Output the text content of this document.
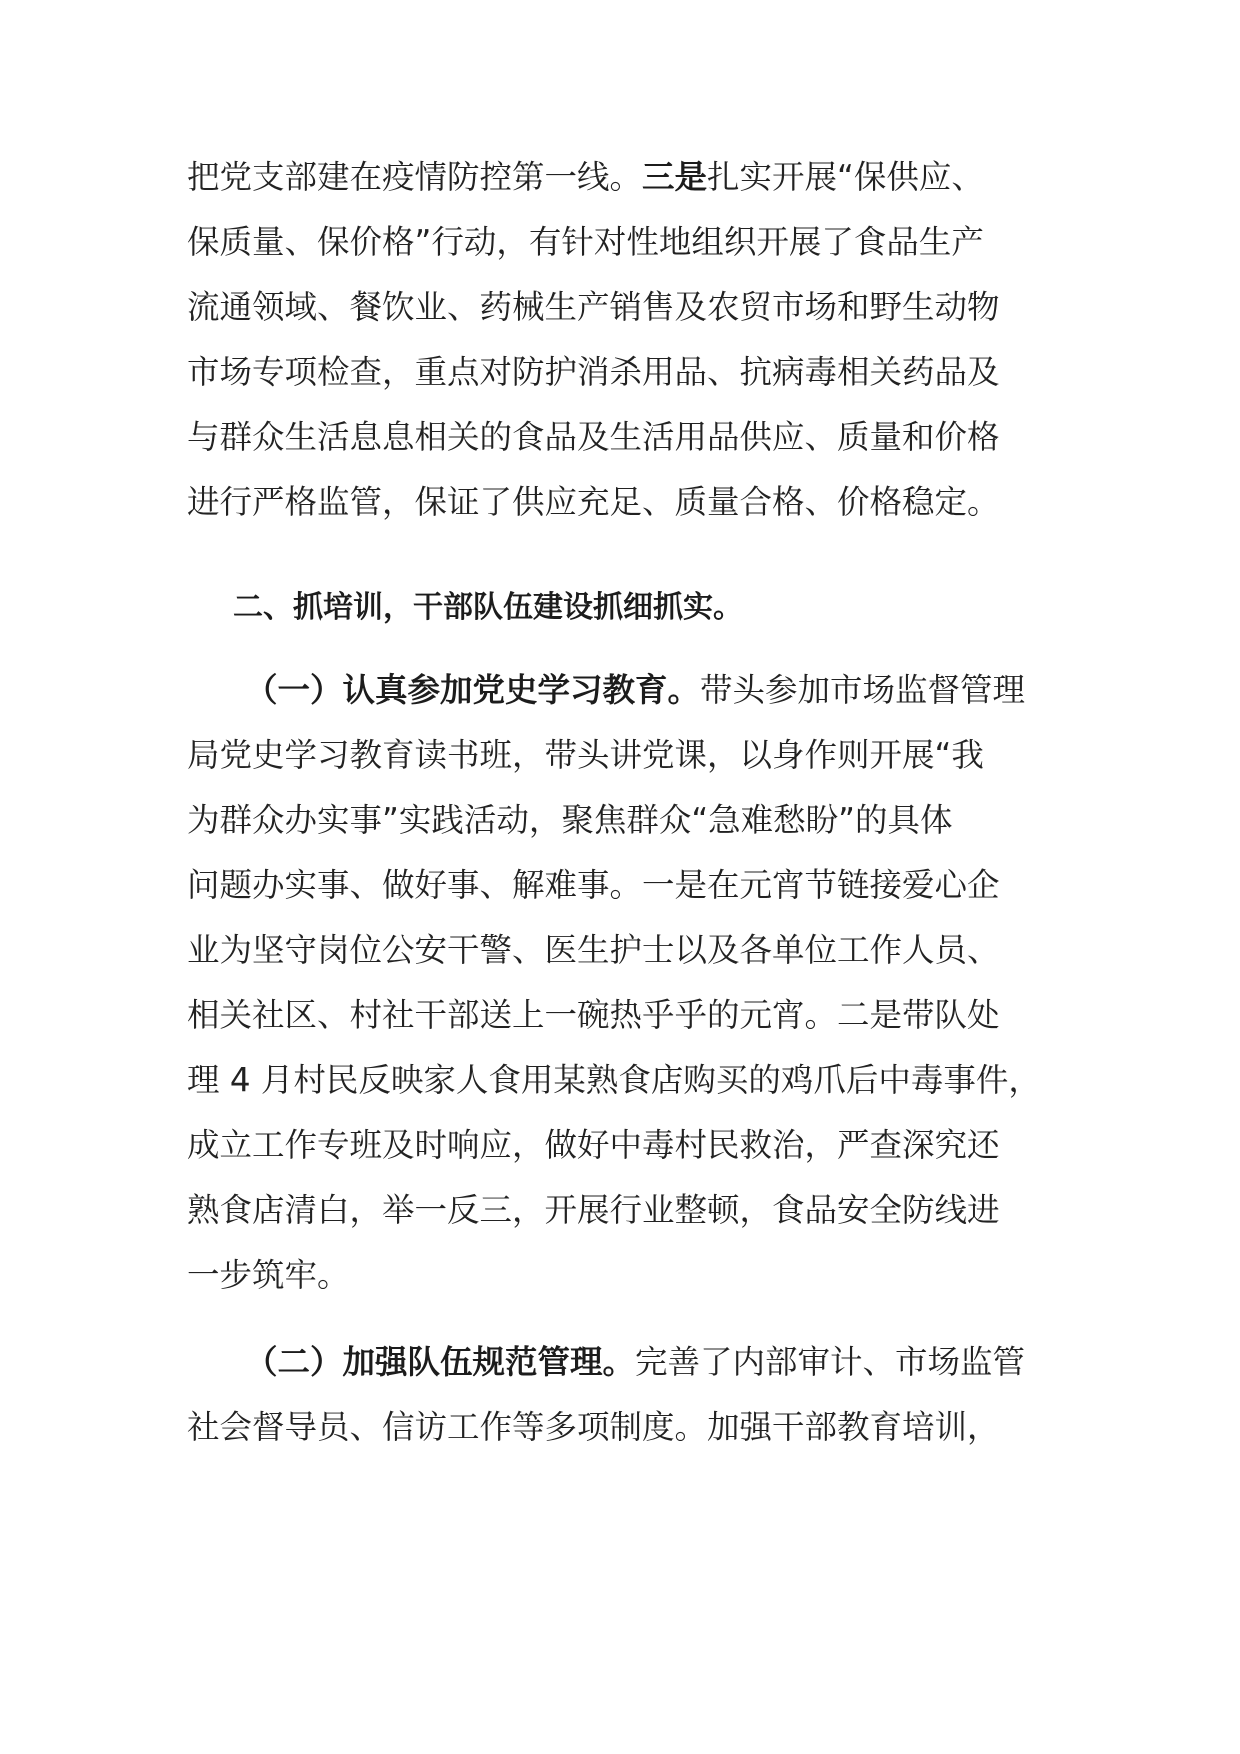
把党支部建在疫情防控第一线。三是扎实开展“保供应、
保质量、保价格”行动，有针对性地组织开展了食品生产
流通领域、餐饮业、药械生产销售及农贸市场和野生动物
市场专项检查，重点对防护消杀用品、抗病毒相关药品及
与群众生活息息相关的食品及生活用品供应、质量和价格
进行严格监管，保证了供应充足、质量合格、价格稳定。

二、抓培训，干部队伍建设抓细抓实。

（一）认真参加党史学习教育。带头参加市场监督管理
局党史学习教育读书班，带头讲党课，以身作则开展“我
为群众办实事”实践活动，聚焦群众“急难愁盼”的具体
问题办实事、做好事、解难事。一是在元宵节链接爱心企
业为坚守岗位公安干警、医生护士以及各单位工作人员、
相关社区、村社干部送上一碗热乎乎的元宵。二是带队处
理 4 月村民反映家人食用某熟食店购买的鸡爪后中毒事件，
成立工作专班及时响应，做好中毒村民救治，严查深究还
熟食店清白，举一反三，开展行业整顿，食品安全防线进
一步筑牢。

（二）加强队伍规范管理。完善了内部审计、市场监管
社会督导员、信访工作等多项制度。加强干部教育培训，
